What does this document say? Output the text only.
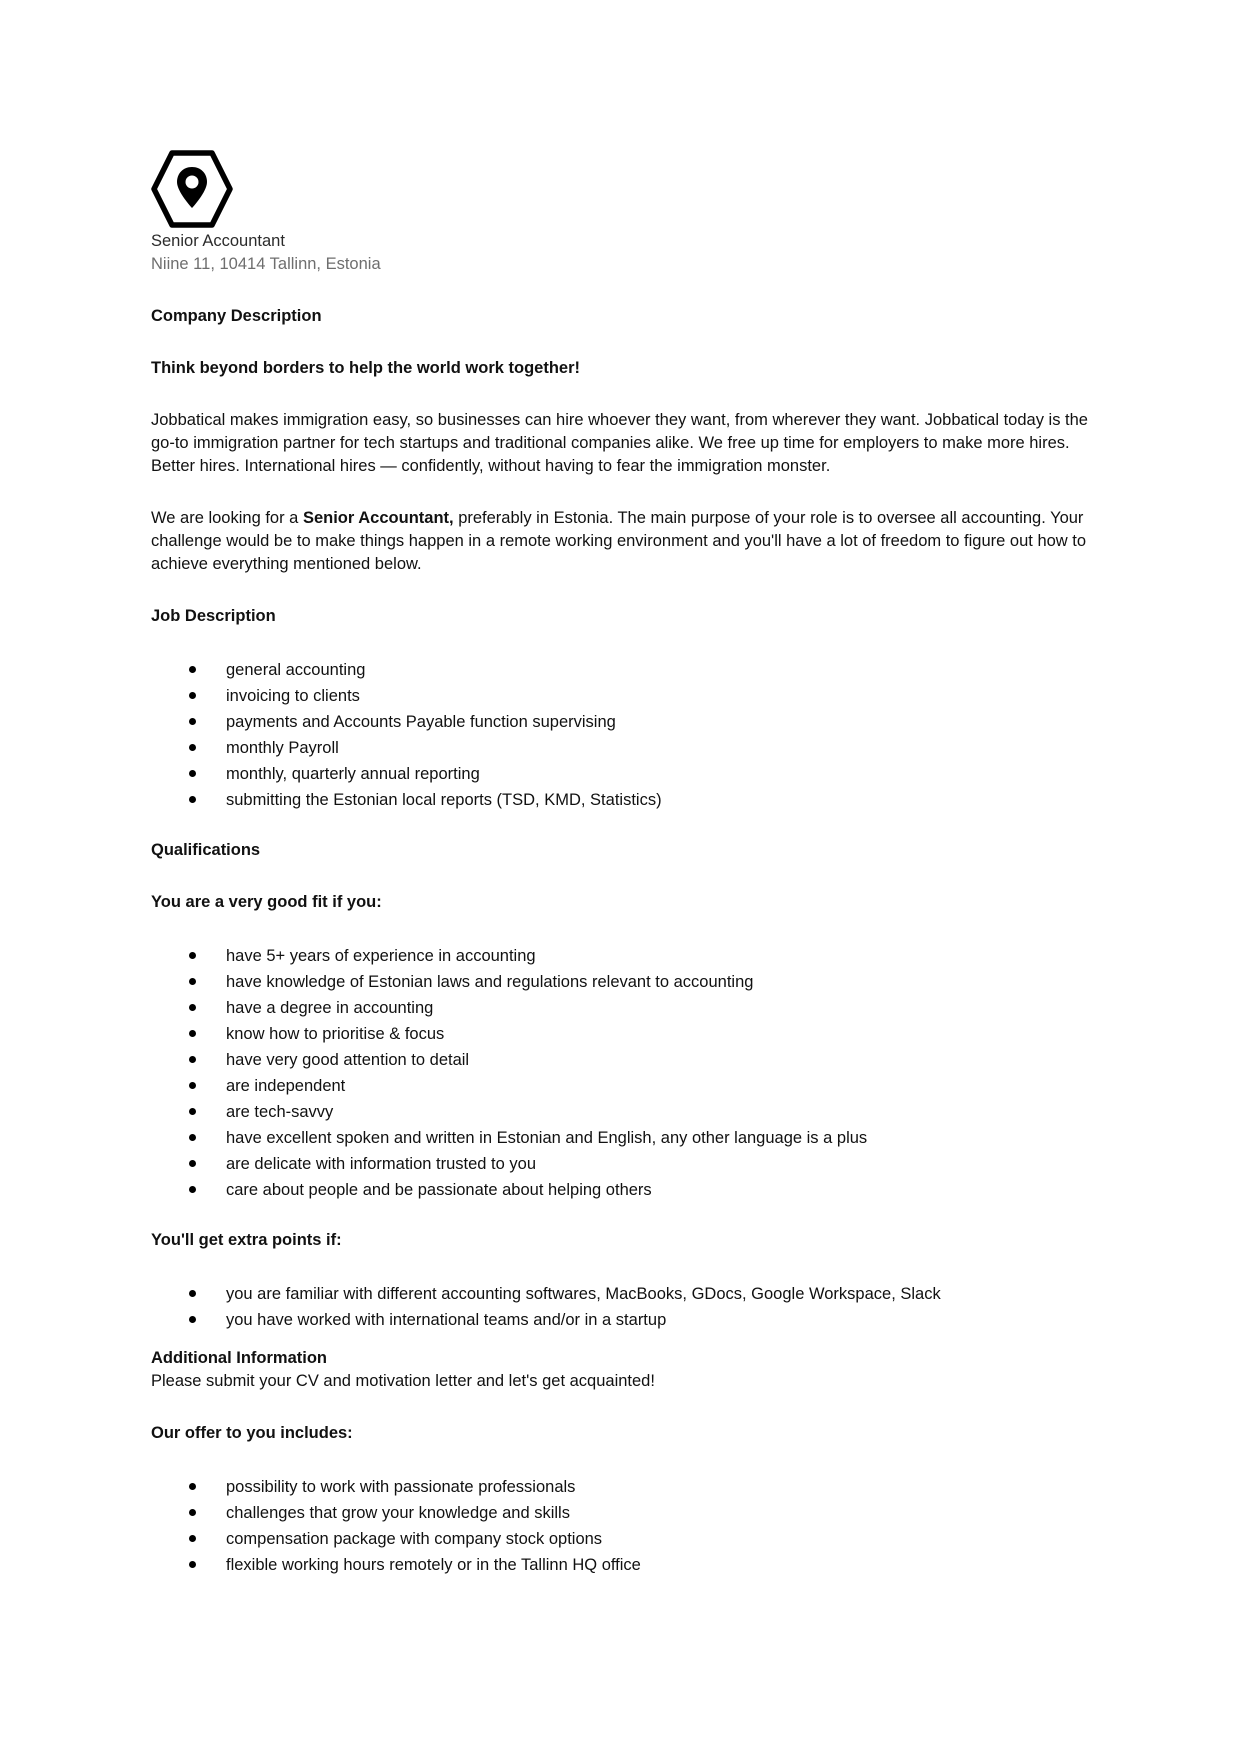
Senior Accountant
Niine 11, 10414 Tallinn, Estonia

Company Description

Think beyond borders to help the world work together!

Jobbatical makes immigration easy, so businesses can hire whoever they want, from wherever they want. Jobbatical today is the go-to immigration partner for tech startups and traditional companies alike. We free up time for employers to make more hires. Better hires. International hires — confidently, without having to fear the immigration monster.

We are looking for a Senior Accountant, preferably in Estonia. The main purpose of your role is to oversee all accounting. Your challenge would be to make things happen in a remote working environment and you'll have a lot of freedom to figure out how to achieve everything mentioned below.

Job Description

general accounting
invoicing to clients
payments and Accounts Payable function supervising
monthly Payroll
monthly, quarterly annual reporting
submitting the Estonian local reports (TSD, KMD, Statistics)

Qualifications

You are a very good fit if you:

have 5+ years of experience in accounting
have knowledge of Estonian laws and regulations relevant to accounting
have a degree in accounting
know how to prioritise & focus
have very good attention to detail
are independent
are tech-savvy
have excellent spoken and written in Estonian and English, any other language is a plus
are delicate with information trusted to you
care about people and be passionate about helping others

You'll get extra points if:

you are familiar with different accounting softwares, MacBooks, GDocs, Google Workspace, Slack
you have worked with international teams and/or in a startup

Additional Information

Please submit your CV and motivation letter and let's get acquainted!

Our offer to you includes:

possibility to work with passionate professionals
challenges that grow your knowledge and skills
compensation package with company stock options
flexible working hours remotely or in the Tallinn HQ office
